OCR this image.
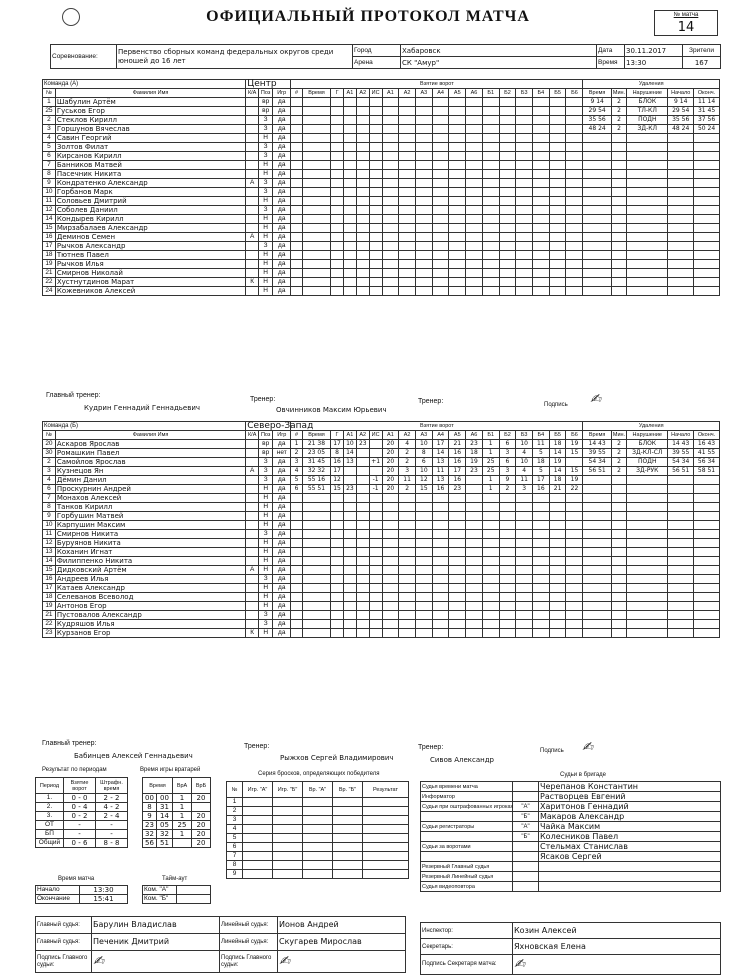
ОФИЦИАЛЬНЫЙ ПРОТОКОЛ МАТЧА	№ матча
14
Соревнование:	Первенство сборных команд федеральных округов среди юношей до 16 лет	Город	Хабаровск	Дата	30.11.2017	Зрители
		Арена	СК "Амур"	Время	13:30	167
Команда (А)		Центр			Взятие ворот																		Удаления				
№	Фамилия Имя	К/А	Поз	Игр	#	Время	Г	А1	А2	ИС	А1	А2	А3	А4	А5	А6	Б1	Б2	Б3	Б4	Б5	Б6	Время	Мин.	Нарушение	Начало	Оконч.
1	Шабулин Артём		вр	да																			9 14	2	БЛОК	9 14	11 14
25	Гуськов Егор		вр	да																			29 54	2	ТЛ-КЛ	29 54	31 45
2	Стеклов Кирилл		З	да																			35 56	2	ПОДН	35 56	37 56
3	Горшунов Вячеслав		З	да																			48 24	2	ЗД-КЛ	48 24	50 24
4	Савин Георгий		Н	да																							
5	Золтов Филат		З	да																							
6	Кирсанов Кирилл		З	да																							
7	Банников Матвей		Н	да																							
8	Пасечник Никита		Н	да																							
9	Кондратенко Александр	А	З	да																							
10	Горбанов Марк		З	да																							
11	Соловьев Дмитрий		Н	да																							
12	Соболев Даниил		З	да																							
14	Кондырев Кирилл		Н	да																							
15	Мирзабалаев Александр		Н	да																							
16	Деминов Семен	А	Н	да																							
17	Рычков Александр		З	да																							
18	Тютнев Павел		Н	да																							
19	Рычков Илья		Н	да																							
21	Смирнов Николай		Н	да																							
22	Хустнутдинов Марат	К	Н	да																							
24	Кожевников Алексей		Н	да																							
Команда (Б)		Северо-Запад			Взятие ворот																		Удаления				
№	Фамилия Имя	К/А	Поз	Игр	#	Время	Г	А1	А2	ИС	А1	А2	А3	А4	А5	А6	Б1	Б2	Б3	Б4	Б5	Б6	Время	Мин.	Нарушение	Начало	Оконч.
20	Аскаров Ярослав		вр	да	1	21 38	17	10	23		20	4	10	17	21	23	1	6	10	11	18	19	14 43	2	БЛОК	14 43	16 43
30	Ромашкин Павел		вр	нет	2	23 05	8	14			20	2	8	14	16	18	1	3	4	5	14	15	39 55	2	ЗД-КЛ-СЛ	39 55	41 55
2	Самойлов Ярослав		З	да	3	31 45	16	13		+1	20	2	6	13	16	19	25	6	10	18	19		54 34	2	ПОДН	54 34	56 34
3	Кузнецов Ян	А	З	да	4	32 32	17				20	3	10	11	17	23	25	3	4	5	14	15	56 51	2	ЗД-РУК	56 51	58 51
4	Дёмин Данил		З	да	5	55 16	12			-1	20	11	12	13	16		1	9	11	17	18	19					
6	Проскурнин Андрей		Н	да	6	55 51	15	23		-1	20	2	15	16	23		1	2	3	16	21	22					
7	Монахов Алексей		Н	да																							
8	Танков Кирилл		Н	да																							
9	Горбушин Матвей		Н	да																							
10	Карпушин Максим		Н	да																							
11	Смирнов Никита		З	да																							
12	Буруянов Никита		Н	да																							
13	Коханин Игнат		Н	да																							
14	Филиппенко Никита		Н	да																							
15	Дидковский Артём	А	Н	да																							
16	Андреев Илья		З	да																							
17	Катаев Александр		Н	да																							
18	Селеванов Всеволод		Н	да																							
19	Антонов Егор		Н	да																							
21	Пустовалов Александр		З	да																							
22	Кудряшов Илья		З	да																							
23	Курзанов Егор	К	Н	да																							
Главный тренер:
Кудрин Геннадий Геннадьевич
Тренер:
Овчинников Максим Юрьевич
Тренер:	Подпись ✍︎
Главный тренер:
Бабинцев Алексей Геннадьевич
Тренер:
Рыжхов Сергей Владимирович
Тренер:
Сивов Александр
Подпись ✍︎
Результат по периодам
Период	Взятие ворот	Штрафн. время
1.	0 - 0	2 - 2
2.	0 - 4	4 - 2
3.	0 - 2	2 - 4
ОТ	-	-
БП	-	-
Общий	0 - 6	8 - 8
Время матча
Начало	13:30
Окончание	15:41
Время игры вратарей
Время		ВрА	ВрБ
00	00	1	20
8	31	1	
9	14	1	20
23	05	25	20
32	32	1	20
56	51		20
Тайм-аут
Ком. "А"	
Ком. "Б"	
Серия бросков, определяющих победителя
№	Игр. "А"	Игр. "Б"	Вр. "А"	Вр. "Б"	Результат
1					
2					
3					
4					
5					
6					
7					
8					
9					
Судьи в бригаде
Судья времени матча		Черепанов Константин
Информатор		Растворцев Евгений
Судьи при оштрафованных игроках	"А"	Харитонов Геннадий
	"Б"	Макаров Александр
Судьи регистраторы	"А"	Чайка Максим
	"Б"	Колесников Павел
Судьи за воротами		Стельмах Станислав
		Ясаков Сергей
Резервный Главный судья		
Резервный Линейный судья		
Судья видеоповтора		
Главный судья:	Барулин Владислав	Линейный судья:	Ионов Андрей
Главный судья:	Печеник Дмитрий	Линейный судья:	Скугарев Мирослав
Подпись Главного судьи:	✍︎	Подпись Главного судьи:	✍︎
Инспектор:	Козин Алексей
Секретарь:	Яхновская Елена
Подпись Секретаря матча:	✍︎
